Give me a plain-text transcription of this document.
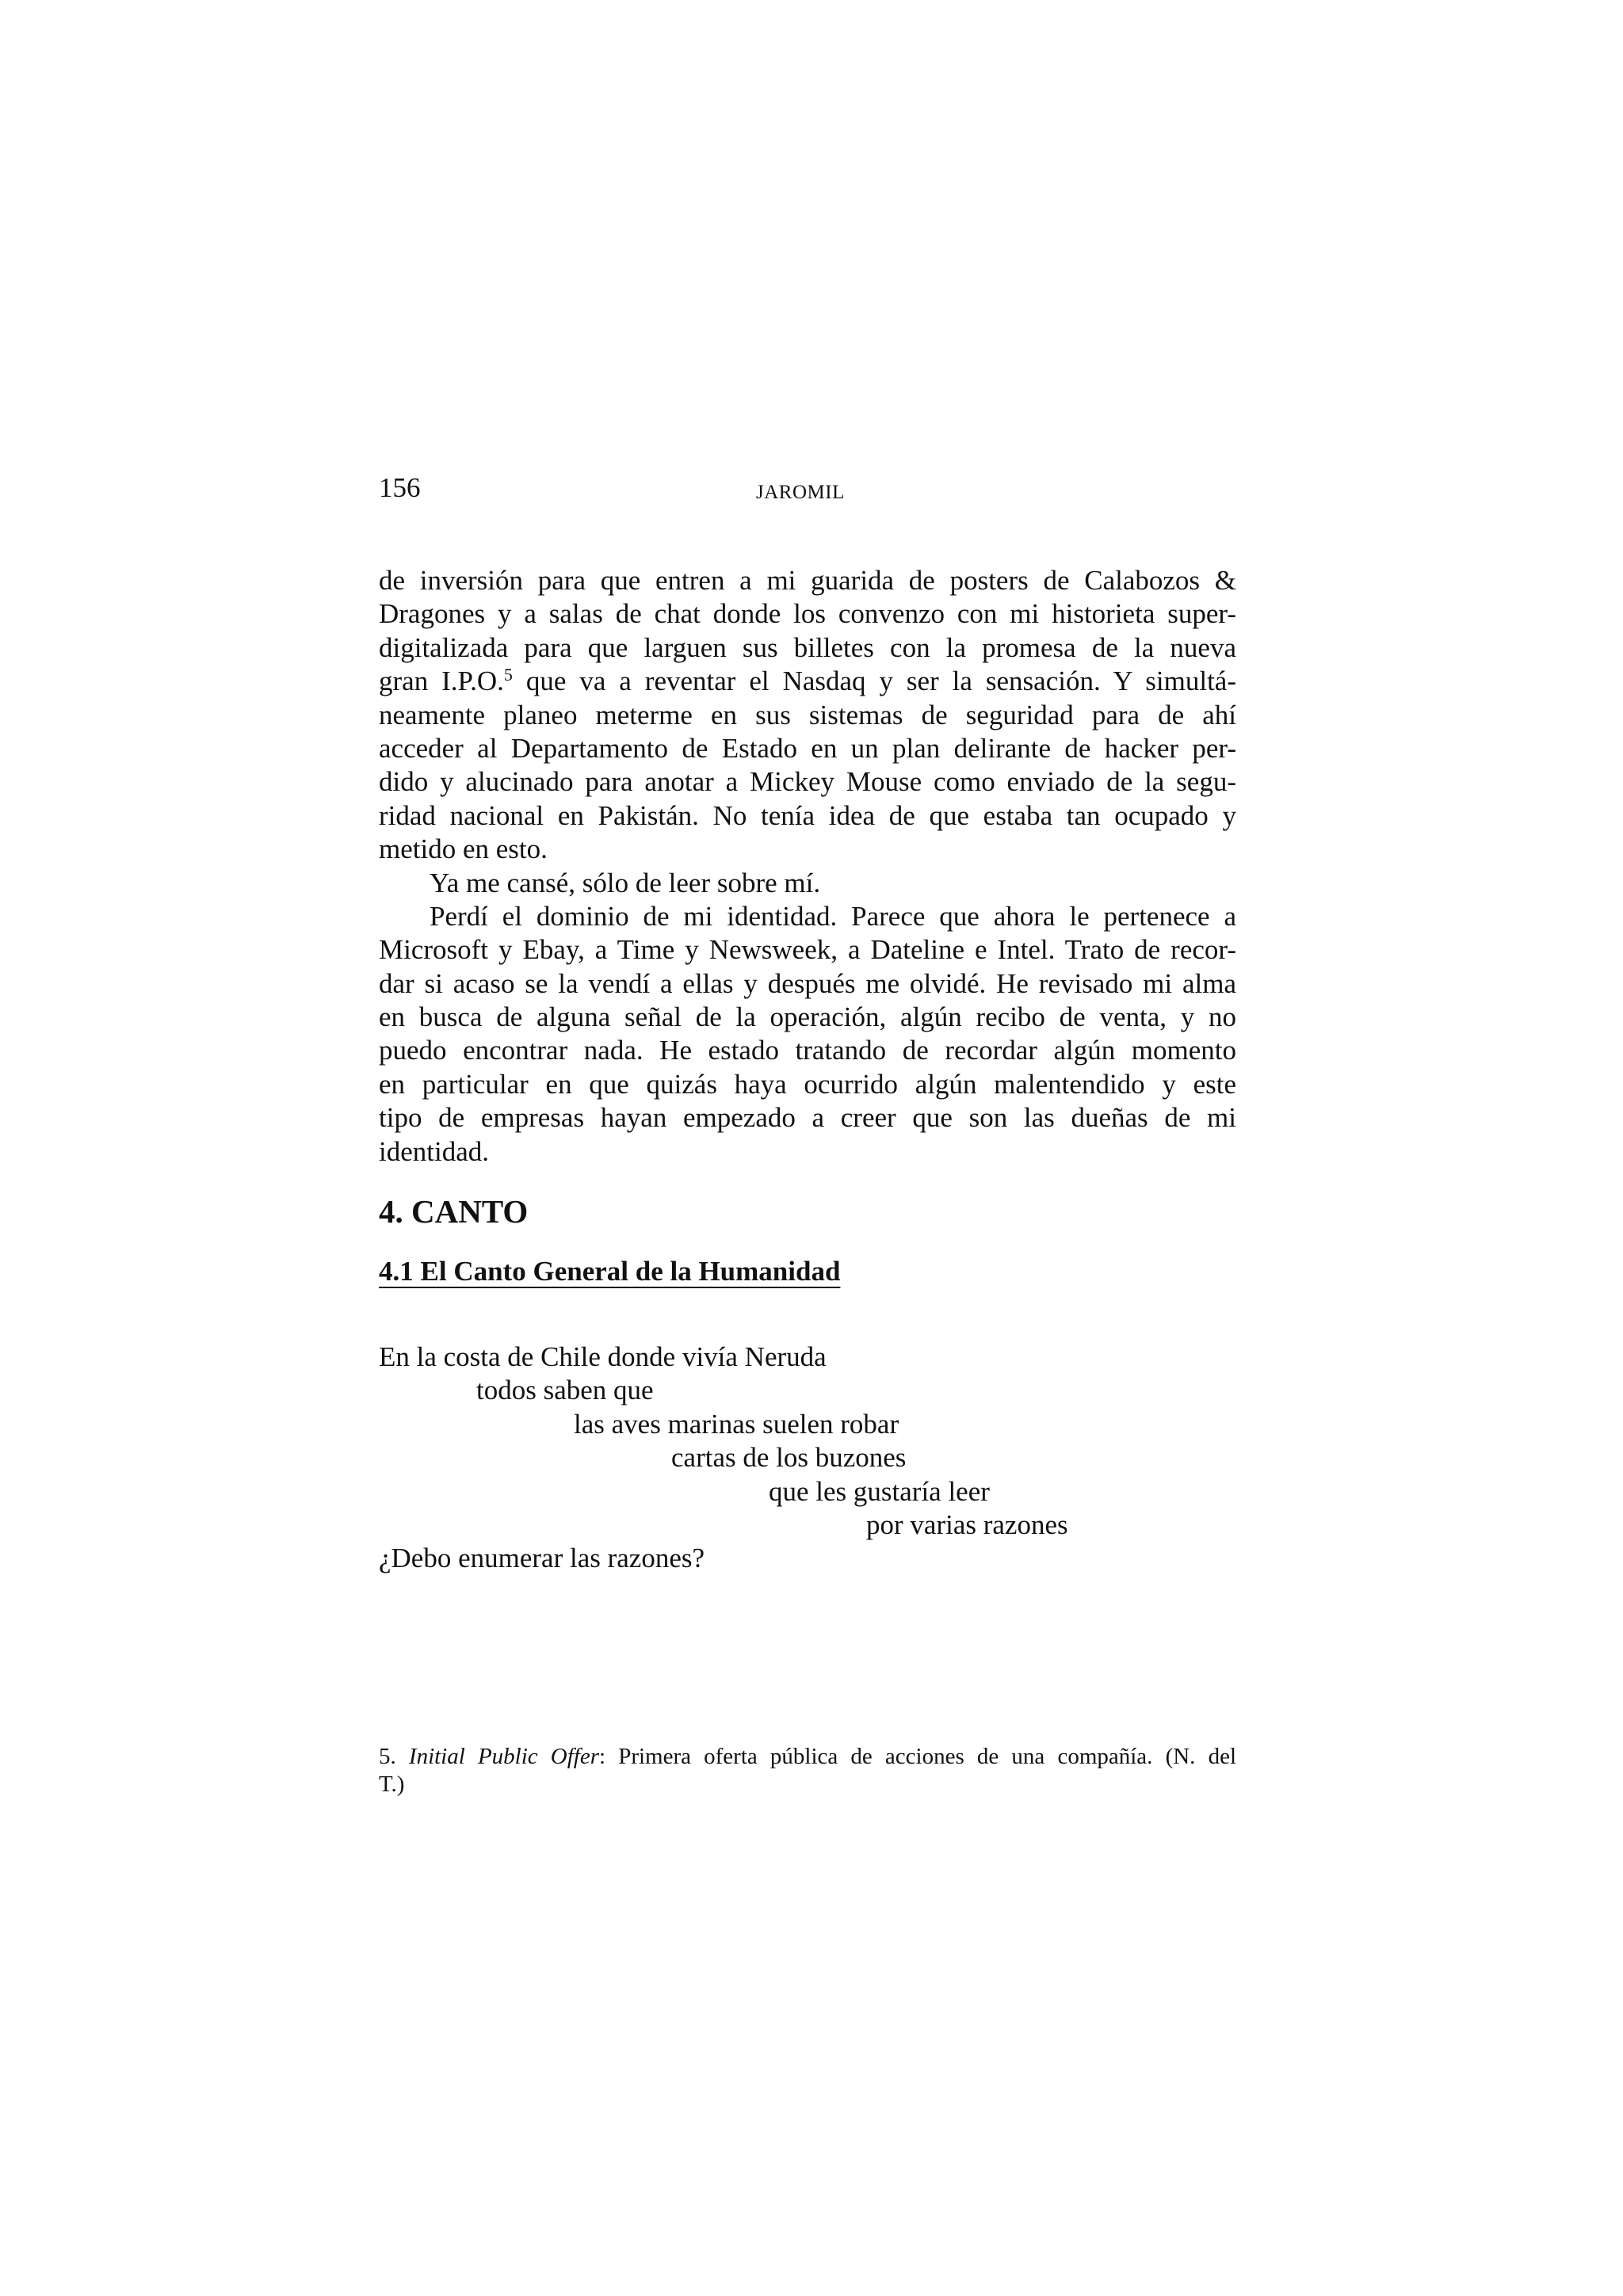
156	JAROMIL
de inversión para que entren a mi guarida de posters de Calabozos &
Dragones y a salas de chat donde los convenzo con mi historieta super-
digitalizada para que larguen sus billetes con la promesa de la nueva
gran I.P.O.$^5$ que va a reventar el Nasdaq y ser la sensación. Y simultá-
neamente planeo meterme en sus sistemas de seguridad para de ahí
acceder al Departamento de Estado en un plan delirante de hacker per-
dido y alucinado para anotar a Mickey Mouse como enviado de la segu-
ridad nacional en Pakistán. No tenía idea de que estaba tan ocupado y
metido en esto.
Ya me cansé, sólo de leer sobre mí.
Perdí el dominio de mi identidad. Parece que ahora le pertenece a
Microsoft y Ebay, a Time y Newsweek, a Dateline e Intel. Trato de recor-
dar si acaso se la vendí a ellas y después me olvidé. He revisado mi alma
en busca de alguna señal de la operación, algún recibo de venta, y no
puedo encontrar nada. He estado tratando de recordar algún momento
en particular en que quizás haya ocurrido algún malentendido y este
tipo de empresas hayan empezado a creer que son las dueñas de mi
identidad.
4. CANTO
4.1 El Canto General de la Humanidad
En la costa de Chile donde vivía Neruda
todos saben que
las aves marinas suelen robar
cartas de los buzones
que les gustaría leer
por varias razones
¿Debo enumerar las razones?
5. Initial Public Offer: Primera oferta pública de acciones de una compañía. (N. del
T.)
